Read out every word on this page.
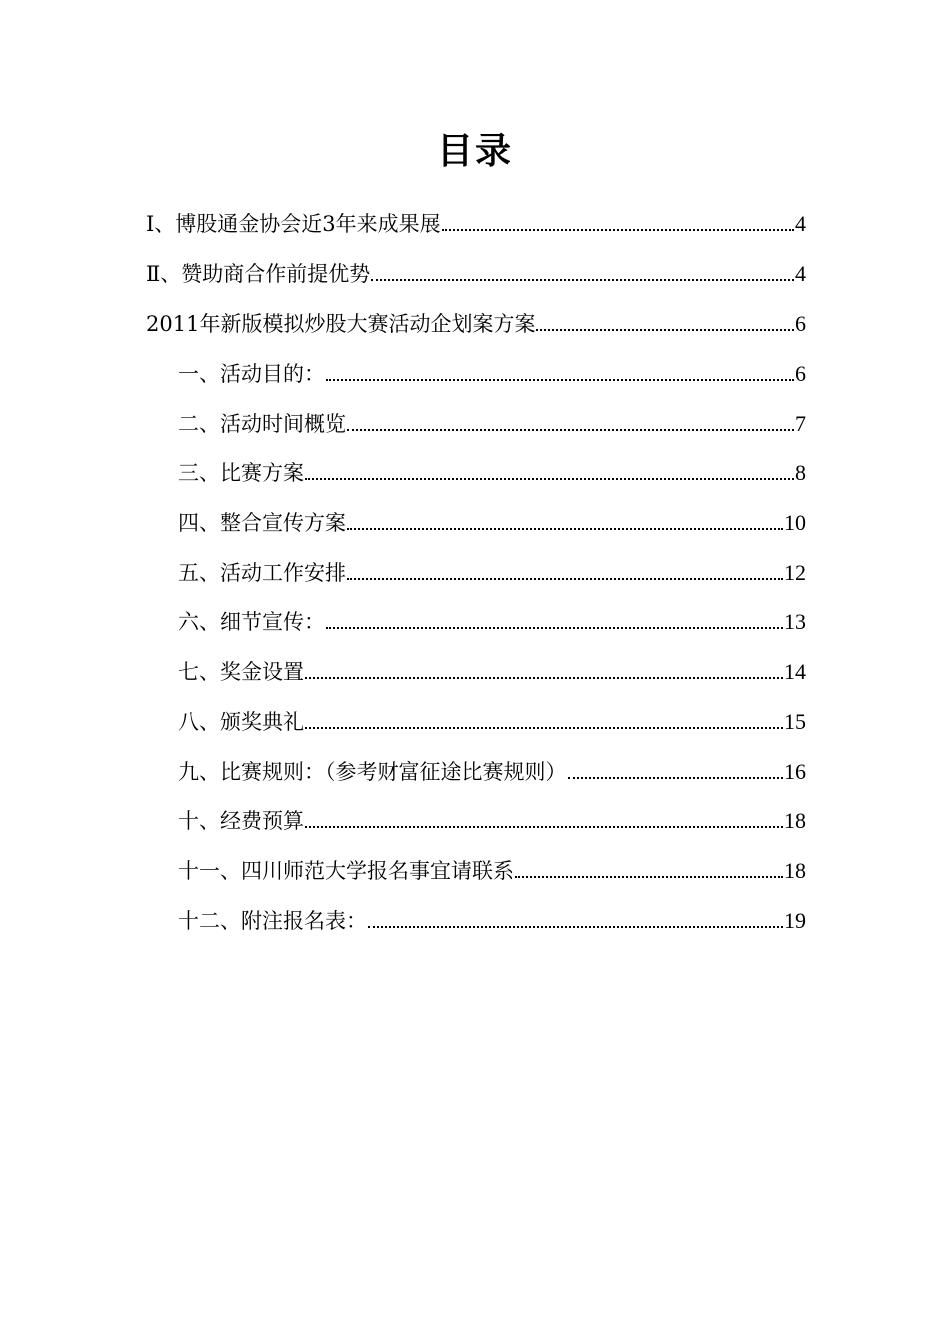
目录
Ⅰ、博股通金协会近3年来成果展	4
Ⅱ、赞助商合作前提优势	4
2011年新版模拟炒股大赛活动企划案方案	6
一、活动目的：	6
二、活动时间概览	7
三、比赛方案	8
四、整合宣传方案	10
五、活动工作安排	12
六、细节宣传：	13
七、奖金设置	14
八、颁奖典礼	15
九、比赛规则：（参考财富征途比赛规则）	16
十、经费预算	18
十一、四川师范大学报名事宜请联系	18
十二、附注报名表：	19
